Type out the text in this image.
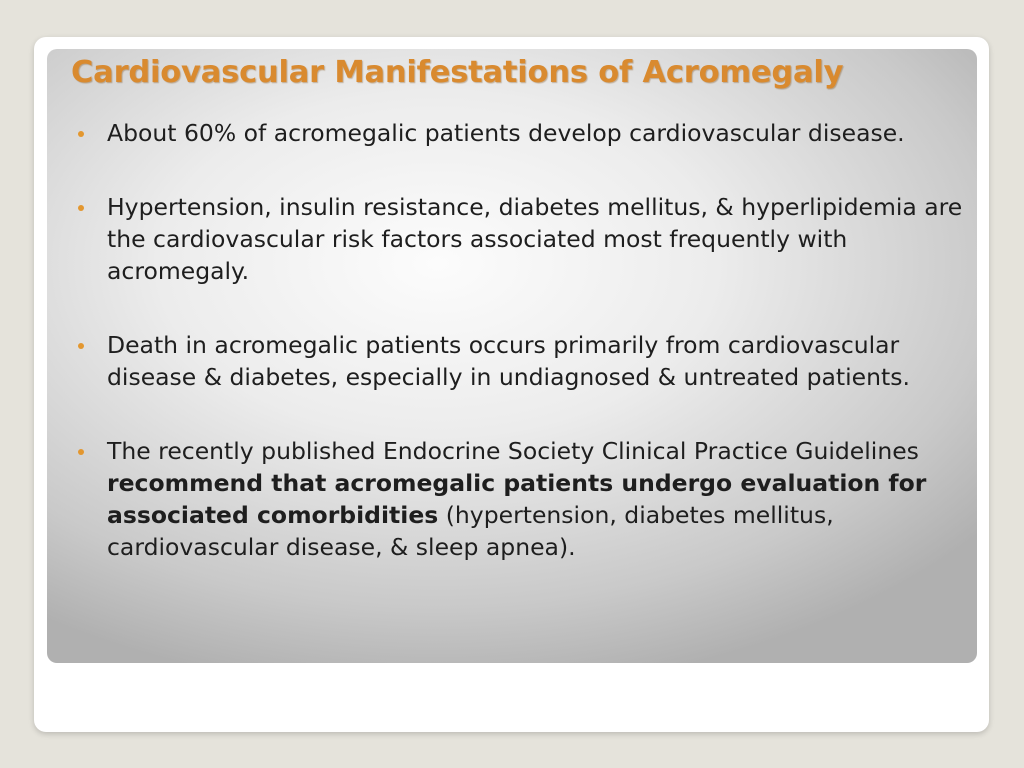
Cardiovascular Manifestations of Acromegaly
About 60% of acromegalic patients develop cardiovascular disease.
Hypertension, insulin resistance, diabetes mellitus, & hyperlipidemia are the cardiovascular risk factors associated most frequently with acromegaly.
Death in acromegalic patients occurs primarily from cardiovascular disease & diabetes, especially in undiagnosed & untreated patients.
The recently published Endocrine Society Clinical Practice Guidelines recommend that acromegalic patients undergo evaluation for associated comorbidities (hypertension, diabetes mellitus, cardiovascular disease, & sleep apnea).
